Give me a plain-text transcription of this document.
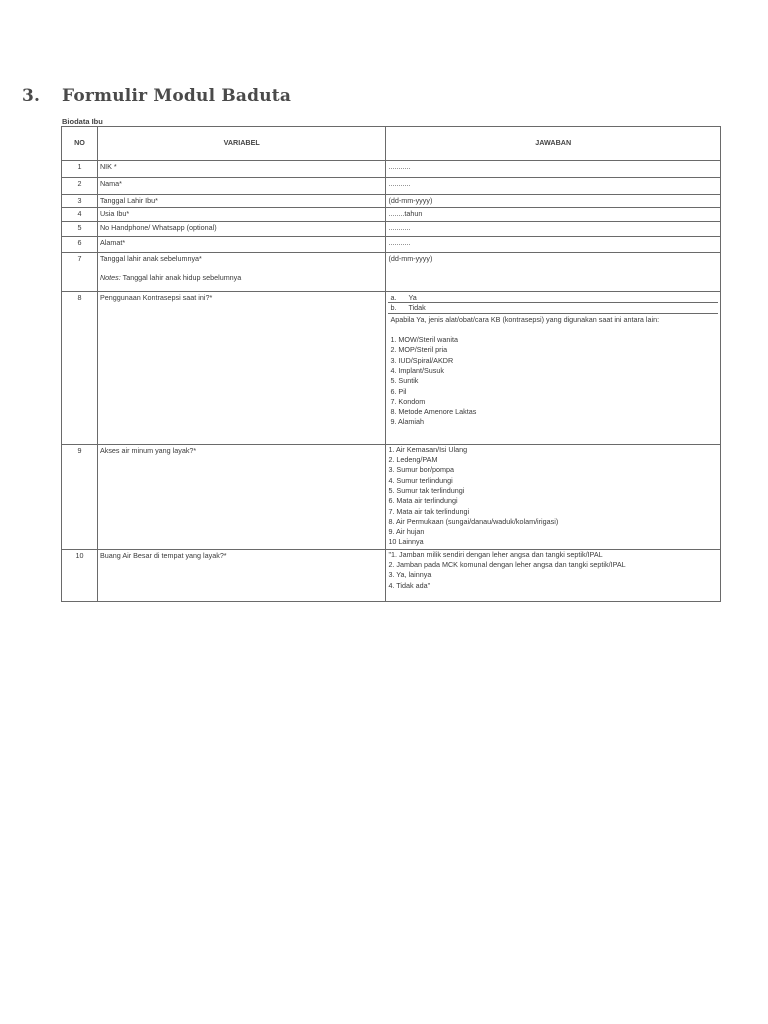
3.	Formulir Modul Baduta
Biodata Ibu
NO	VARIABEL	JAWABAN
1	NIK *	...........
2	Nama*	...........
3	Tanggal Lahir Ibu*	(dd-mm-yyyy)
4	Usia Ibu*	........tahun
5	No Handphone/ Whatsapp (optional)	...........
6	Alamat*	...........
7	Tanggal lahir anak sebelumnya*
Notes: Tanggal lahir anak hidup sebelumnya	(dd-mm-yyyy)
8	Penggunaan Kontrasepsi saat ini?*	a.	Ya
b.	Tidak
Apabila Ya, jenis alat/obat/cara KB (kontrasepsi) yang digunakan saat ini antara lain:
1. MOW/Steril wanita
2. MOP/Steril pria
3. IUD/Spiral/AKDR
4. Implant/Susuk
5. Suntik
6. Pil
7. Kondom
8. Metode Amenore Laktas
9. Alamiah

9	Akses air minum yang layak?*	1. Air Kemasan/Isi Ulang
2. Ledeng/PAM
3. Sumur bor/pompa
4. Sumur terlindungi
5. Sumur tak terlindungi
6. Mata air terlindungi
7. Mata air tak terlindungi
8. Air Permukaan (sungai/danau/waduk/kolam/irigasi)
9. Air hujan
10 Lainnya

10	Buang Air Besar di tempat yang layak?*	"1. Jamban milik sendiri dengan leher angsa dan tangki septik/IPAL
2. Jamban pada MCK komunal dengan leher angsa dan tangki septik/IPAL
3. Ya, lainnya
4. Tidak ada"
